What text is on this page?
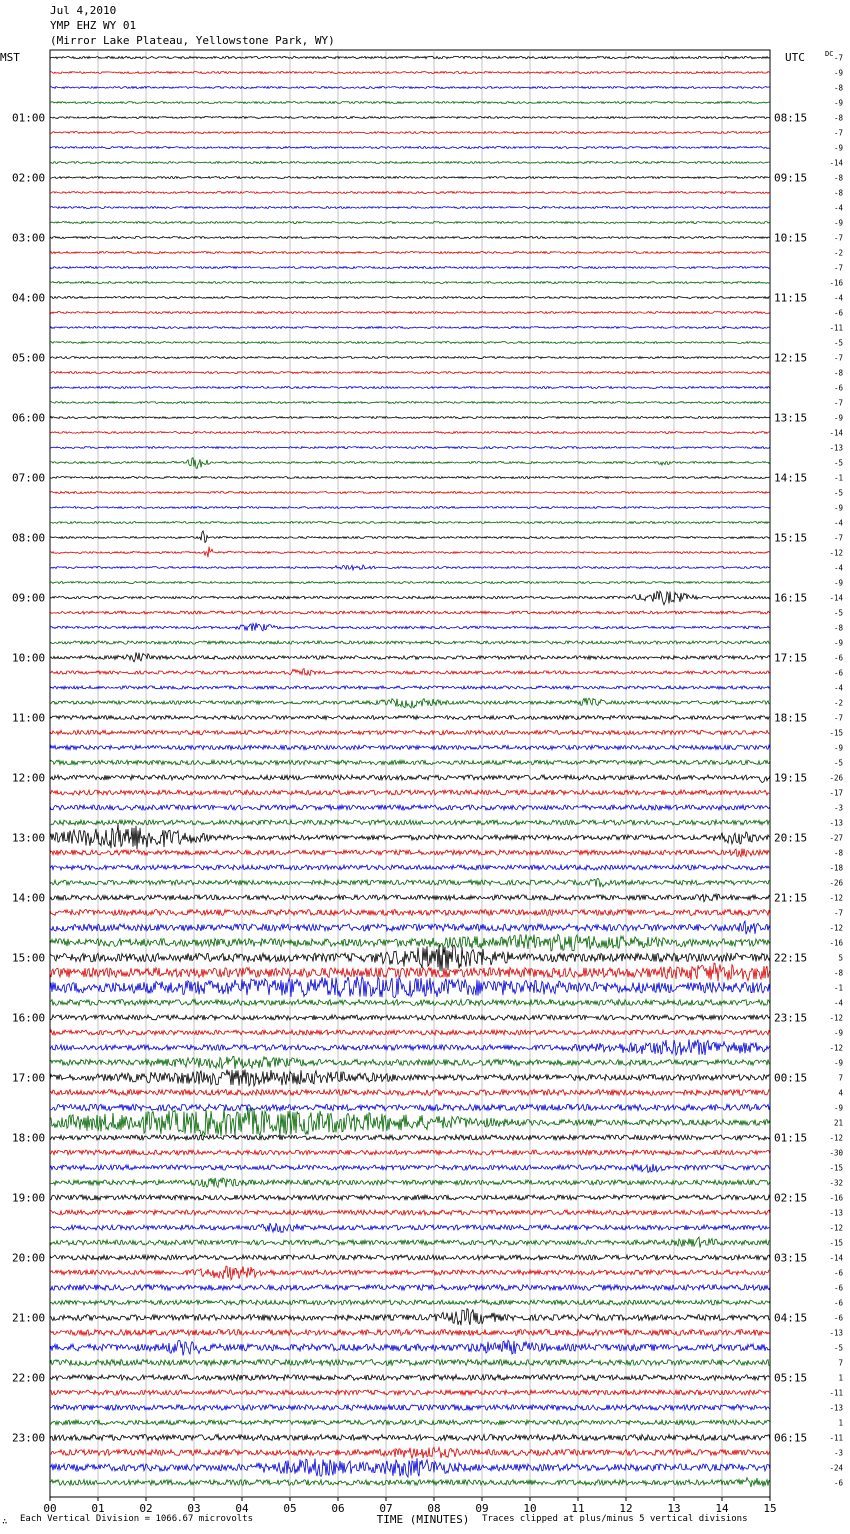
Jul 4,2010
YMP EHZ WY 01
(Mirror Lake Plateau, Yellowstone Park, WY)
-7
-9
-8
-9
-8
-7
-9
-14
-8
-8
-4
-9
-7
-2
-7
-16
-4
-6
-11
-5
-7
-8
-6
-7
-9
-14
-13
-5
-1
-5
-9
-4
-7
-12
-4
-9
-14
-5
-8
-9
-6
-6
-4
-2
-7
-15
-9
-5
-26
-17
-3
-13
-27
-8
-18
-26
-12
-7
-12
-16
5
-8
-1
-4
-12
-9
-12
-9
7
4
-9
21
-12
-30
-15
-32
-16
-13
-12
-15
-14
-6
-6
-6
-6
-13
-5
7
1
-11
-13
1
-11
-3
-24
-6
MST	UTC	DC
01:00
02:00
03:00
04:00
05:00
06:00
07:00
08:00
09:00
10:00
11:00
12:00
13:00
14:00
15:00
16:00
17:00
18:00
19:00
20:00
21:00
22:00
23:00
08:15
09:15
10:15
11:15
12:15
13:15
14:15
15:15
16:15
17:15
18:15
19:15
20:15
21:15
22:15
23:15
00:15
01:15
02:15
03:15
04:15
05:15
06:15
00	01	02	03	04	05	06	07	08	09	10	11	12	13	14	15
TIME (MINUTES)
∴ Each Vertical Division = 1066.67 microvolts	Traces clipped at plus/minus 5 vertical divisions
